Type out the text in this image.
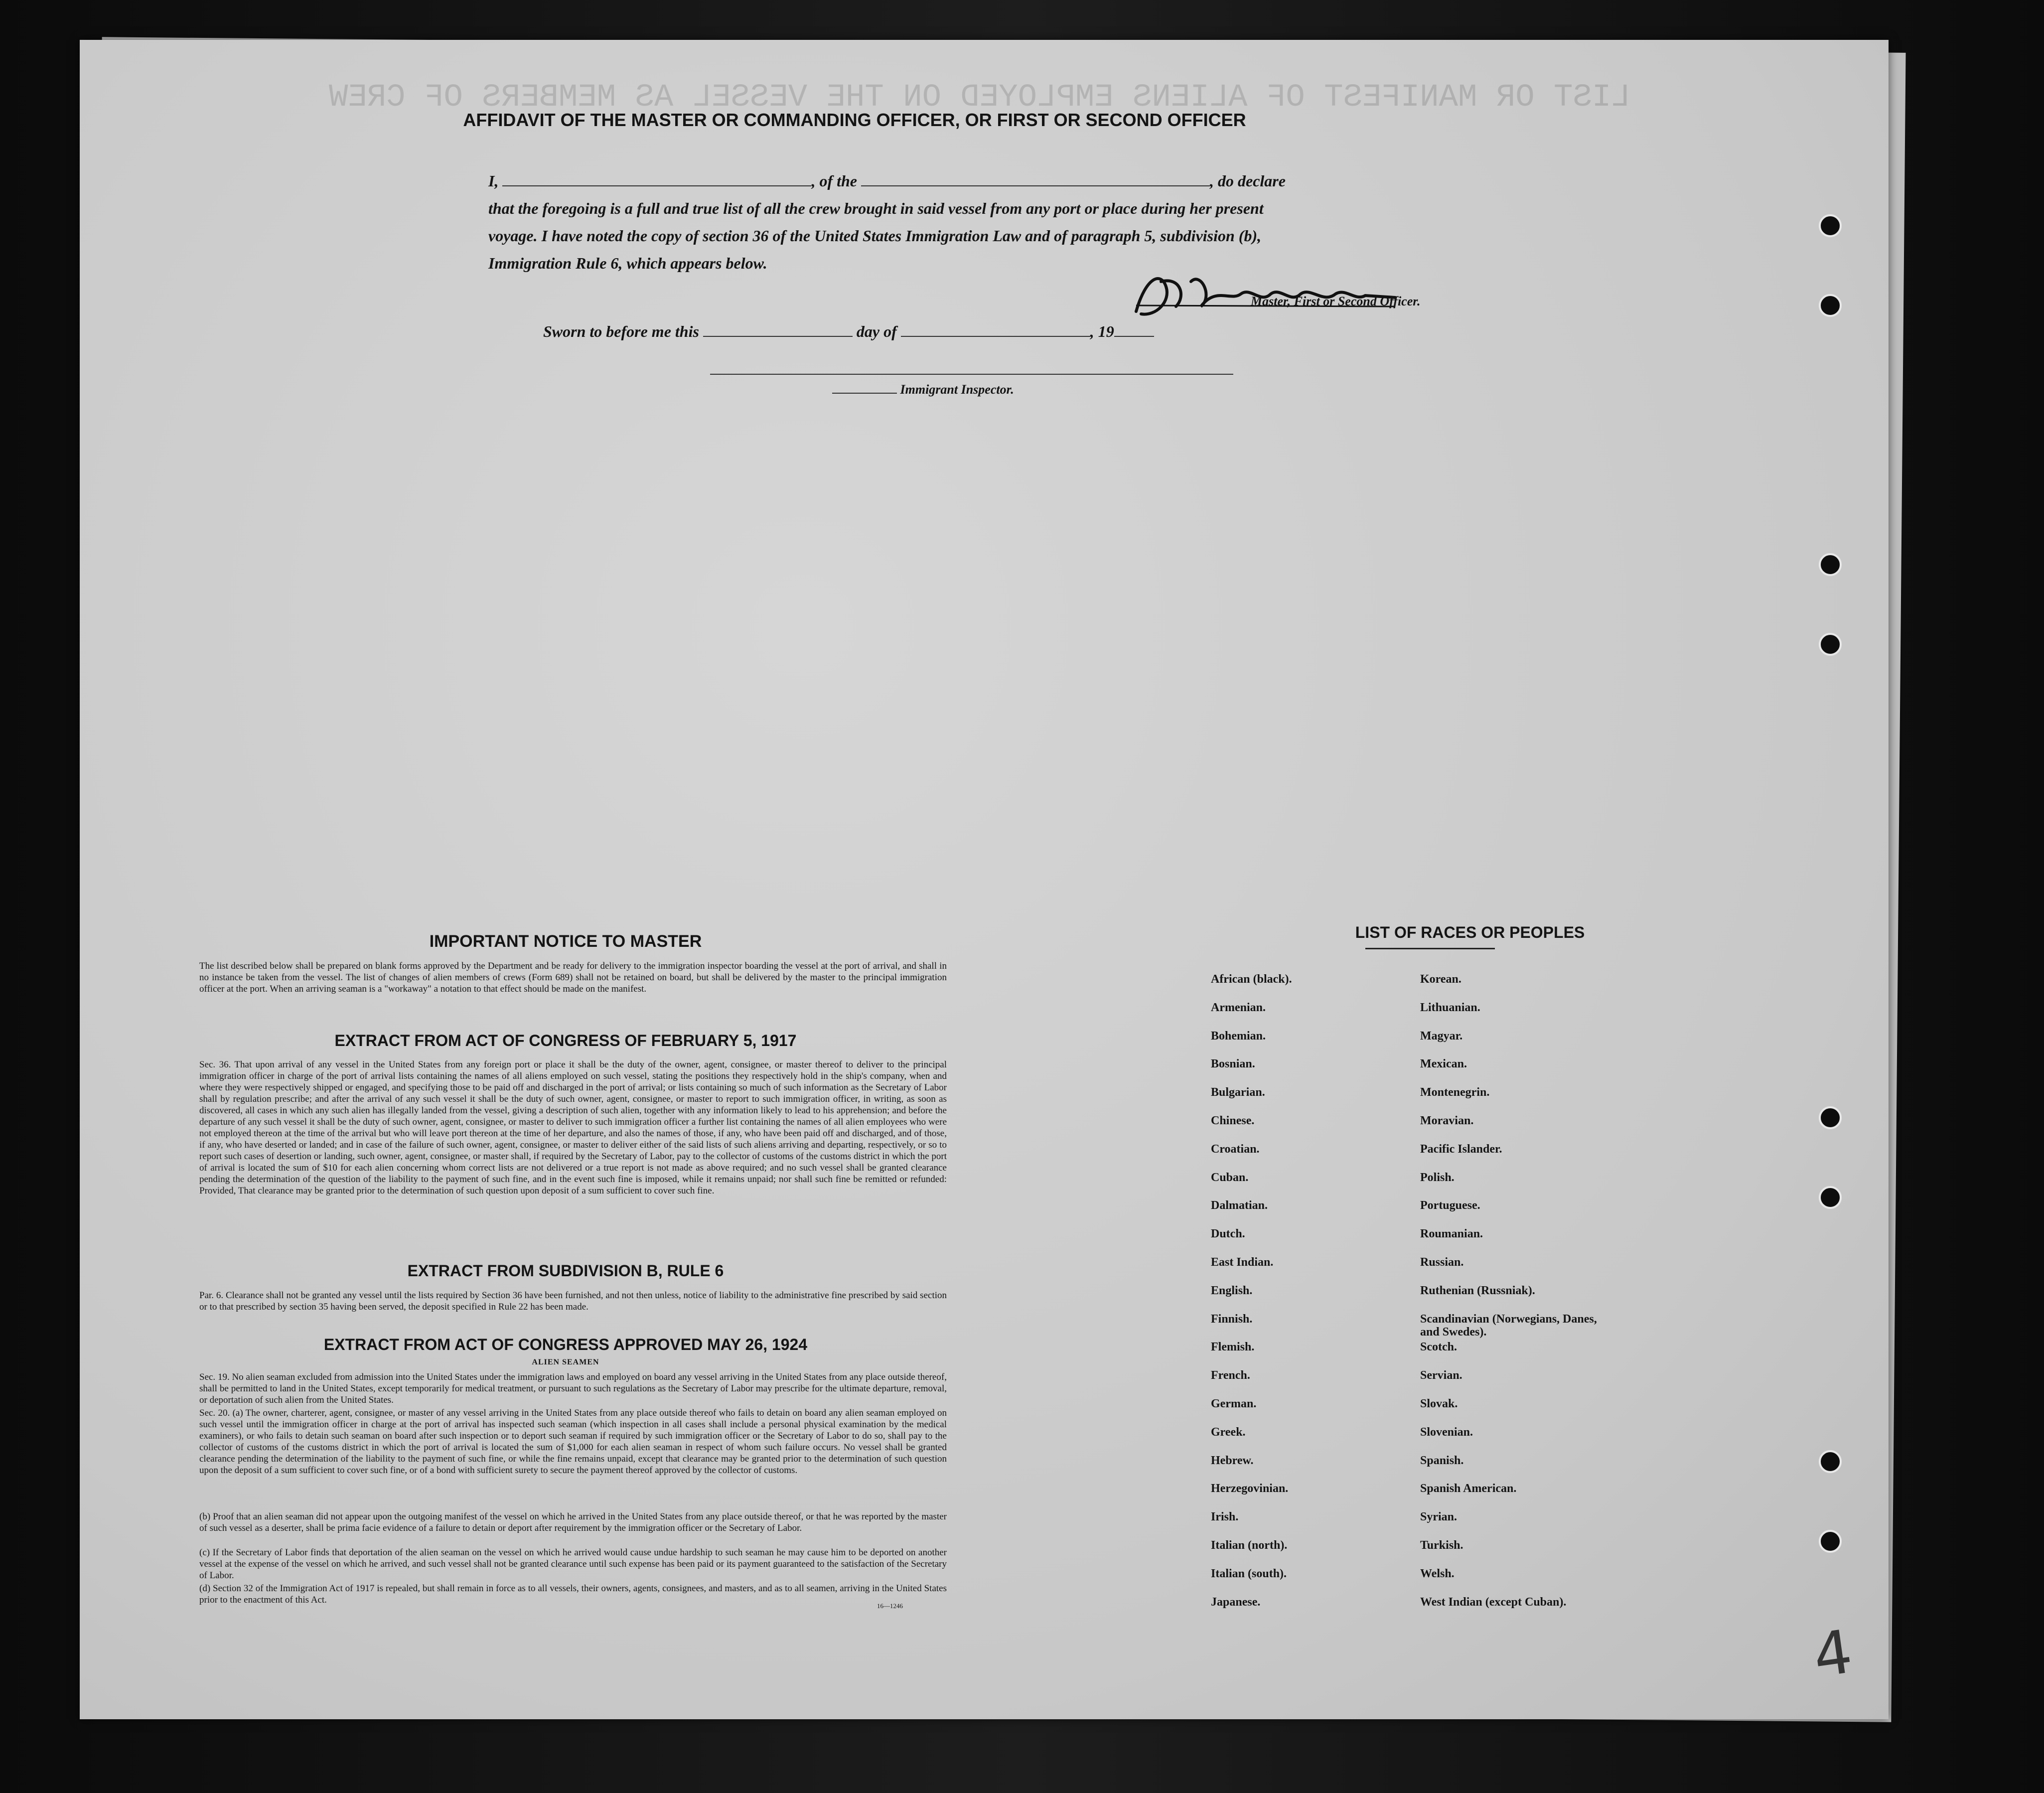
LIST OR MANIFEST OF ALIENS EMPLOYED ON THE VESSEL AS MEMBERS OF CREW
AFFIDAVIT OF THE MASTER OR COMMANDING OFFICER, OR FIRST OR SECOND OFFICER
I,	, of the	, do declare
that the foregoing is a full and true list of all the crew brought in said vessel from any port or place during her present
voyage. I have noted the copy of section 36 of the United States Immigration Law and of paragraph 5, subdivision (b),
Immigration Rule 6, which appears below.
Master, First or Second Officer.
Sworn to before me this	day of	, 19
Immigrant Inspector.
IMPORTANT NOTICE TO MASTER
The list described below shall be prepared on blank forms approved by the Department and be ready for delivery to the immigration inspector boarding the vessel at the port of arrival, and shall in no instance be taken from the vessel. The list of changes of alien members of crews (Form 689) shall not be retained on board, but shall be delivered by the master to the principal immigration officer at the port. When an arriving seaman is a "workaway" a notation to that effect should be made on the manifest.
EXTRACT FROM ACT OF CONGRESS OF FEBRUARY 5, 1917
Sec. 36. That upon arrival of any vessel in the United States from any foreign port or place it shall be the duty of the owner, agent, consignee, or master thereof to deliver to the principal immigration officer in charge of the port of arrival lists containing the names of all aliens employed on such vessel, stating the positions they respectively hold in the ship's company, when and where they were respectively shipped or engaged, and specifying those to be paid off and discharged in the port of arrival; or lists containing so much of such information as the Secretary of Labor shall by regulation prescribe; and after the arrival of any such vessel it shall be the duty of such owner, agent, consignee, or master to report to such immigration officer, in writing, as soon as discovered, all cases in which any such alien has illegally landed from the vessel, giving a description of such alien, together with any information likely to lead to his apprehension; and before the departure of any such vessel it shall be the duty of such owner, agent, consignee, or master to deliver to such immigration officer a further list containing the names of all alien employees who were not employed thereon at the time of the arrival but who will leave port thereon at the time of her departure, and also the names of those, if any, who have been paid off and discharged, and of those, if any, who have deserted or landed; and in case of the failure of such owner, agent, consignee, or master to deliver either of the said lists of such aliens arriving and departing, respectively, or so to report such cases of desertion or landing, such owner, agent, consignee, or master shall, if required by the Secretary of Labor, pay to the collector of customs of the customs district in which the port of arrival is located the sum of $10 for each alien concerning whom correct lists are not delivered or a true report is not made as above required; and no such vessel shall be granted clearance pending the determination of the question of the liability to the payment of such fine, and in the event such fine is imposed, while it remains unpaid; nor shall such fine be remitted or refunded: Provided, That clearance may be granted prior to the determination of such question upon deposit of a sum sufficient to cover such fine.
EXTRACT FROM SUBDIVISION B, RULE 6
Par. 6. Clearance shall not be granted any vessel until the lists required by Section 36 have been furnished, and not then unless, notice of liability to the administrative fine prescribed by said section or to that prescribed by section 35 having been served, the deposit specified in Rule 22 has been made.
EXTRACT FROM ACT OF CONGRESS APPROVED MAY 26, 1924
ALIEN SEAMEN
Sec. 19. No alien seaman excluded from admission into the United States under the immigration laws and employed on board any vessel arriving in the United States from any place outside thereof, shall be permitted to land in the United States, except temporarily for medical treatment, or pursuant to such regulations as the Secretary of Labor may prescribe for the ultimate departure, removal, or deportation of such alien from the United States.
Sec. 20. (a) The owner, charterer, agent, consignee, or master of any vessel arriving in the United States from any place outside thereof who fails to detain on board any alien seaman employed on such vessel until the immigration officer in charge at the port of arrival has inspected such seaman (which inspection in all cases shall include a personal physical examination by the medical examiners), or who fails to detain such seaman on board after such inspection or to deport such seaman if required by such immigration officer or the Secretary of Labor to do so, shall pay to the collector of customs of the customs district in which the port of arrival is located the sum of $1,000 for each alien seaman in respect of whom such failure occurs. No vessel shall be granted clearance pending the determination of the liability to the payment of such fine, or while the fine remains unpaid, except that clearance may be granted prior to the determination of such question upon the deposit of a sum sufficient to cover such fine, or of a bond with sufficient surety to secure the payment thereof approved by the collector of customs.
(b) Proof that an alien seaman did not appear upon the outgoing manifest of the vessel on which he arrived in the United States from any place outside thereof, or that he was reported by the master of such vessel as a deserter, shall be prima facie evidence of a failure to detain or deport after requirement by the immigration officer or the Secretary of Labor.
(c) If the Secretary of Labor finds that deportation of the alien seaman on the vessel on which he arrived would cause undue hardship to such seaman he may cause him to be deported on another vessel at the expense of the vessel on which he arrived, and such vessel shall not be granted clearance until such expense has been paid or its payment guaranteed to the satisfaction of the Secretary of Labor.
(d) Section 32 of the Immigration Act of 1917 is repealed, but shall remain in force as to all vessels, their owners, agents, consignees, and masters, and as to all seamen, arriving in the United States prior to the enactment of this Act.
16—1246
LIST OF RACES OR PEOPLES
African (black).
Armenian.
Bohemian.
Bosnian.
Bulgarian.
Chinese.
Croatian.
Cuban.
Dalmatian.
Dutch.
East Indian.
English.
Finnish.
Flemish.
French.
German.
Greek.
Hebrew.
Herzegovinian.
Irish.
Italian (north).
Italian (south).
Japanese.
Korean.
Lithuanian.
Magyar.
Mexican.
Montenegrin.
Moravian.
Pacific Islander.
Polish.
Portuguese.
Roumanian.
Russian.
Ruthenian (Russniak).
Scandinavian (Norwegians, Danes, and Swedes).
Scotch.
Servian.
Slovak.
Slovenian.
Spanish.
Spanish American.
Syrian.
Turkish.
Welsh.
West Indian (except Cuban).
4
